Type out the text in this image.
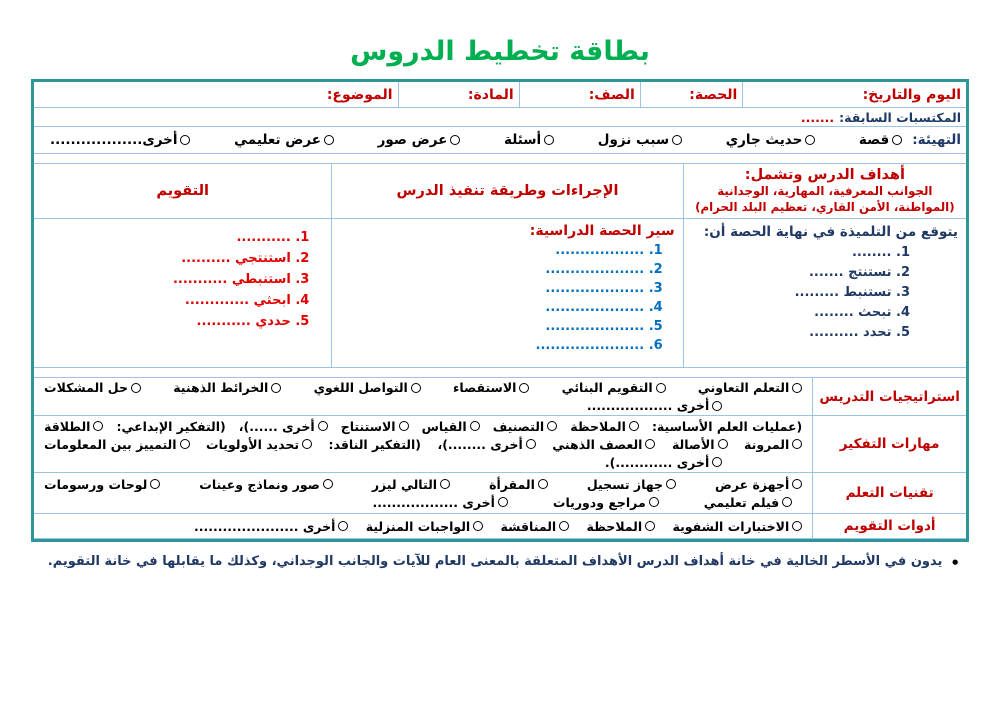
بطاقة تخطيط الدروس
اليوم والتاريخ:
الحصة:
الصف:
المادة:
الموضوع:
المكتسبات السابقة:
.......
التهيئة:
قصة
حديث جاري
سبب نزول
أسئلة
عرض صور
عرض تعليمي
أخرى..................
أهداف الدرس وتشمل:
الجوانب المعرفية، المهارية، الوجدانية (المواطنة، الأمن القاري، تعظيم البلد الحرام)
يتوقع من التلميذة في نهاية الحصة أن:
1. ........
2. تستنتج .......
3. تستنبط .........
4. تبحث ........
5. تحدد ..........
الإجراءات وطريقة تنفيذ الدرس
سير الحصة الدراسية:
1. ..................
2. ....................
3. ....................
4. ....................
5. ....................
6. ......................
التقويم
1. ...........
2. استنتجي ..........
3. استنبطي ...........
4. ابحثي .............
5. حددي ...........
استراتيجيات التدريس
التعلم التعاوني
التقويم البنائي
الاستقصاء
التواصل اللغوي
الخرائط الذهنية
حل المشكلات
أخرى ..................
مهارات التفكير
(عمليات العلم الأساسية:
الملاحظة
التصنيف
القياس
الاستنتاج
أخرى ......)،
(التفكير الإبداعي:
الطلاقة
المرونة
الأصالة
العصف الذهني
أخرى ........)،
(التفكير الناقد:
تحديد الأولويات
التمييز بين المعلومات
أخرى ............).
تقنيات التعلم
أجهزة عرض
جهاز تسجيل
المقرأة
التالي ليزر
صور ونماذج وعينات
لوحات ورسومات
فيلم تعليمي
مراجع ودوريات
أخرى ..................
أدوات التقويم
الاختبارات الشفوية
الملاحظة
المناقشة
الواجبات المنزلية
أخرى ......................
•
يدون في الأسطر الخالية في خانة أهداف الدرس الأهداف المتعلقة بالمعنى العام للآيات والجانب الوجداني، وكذلك ما يقابلها في خانة التقويم.
